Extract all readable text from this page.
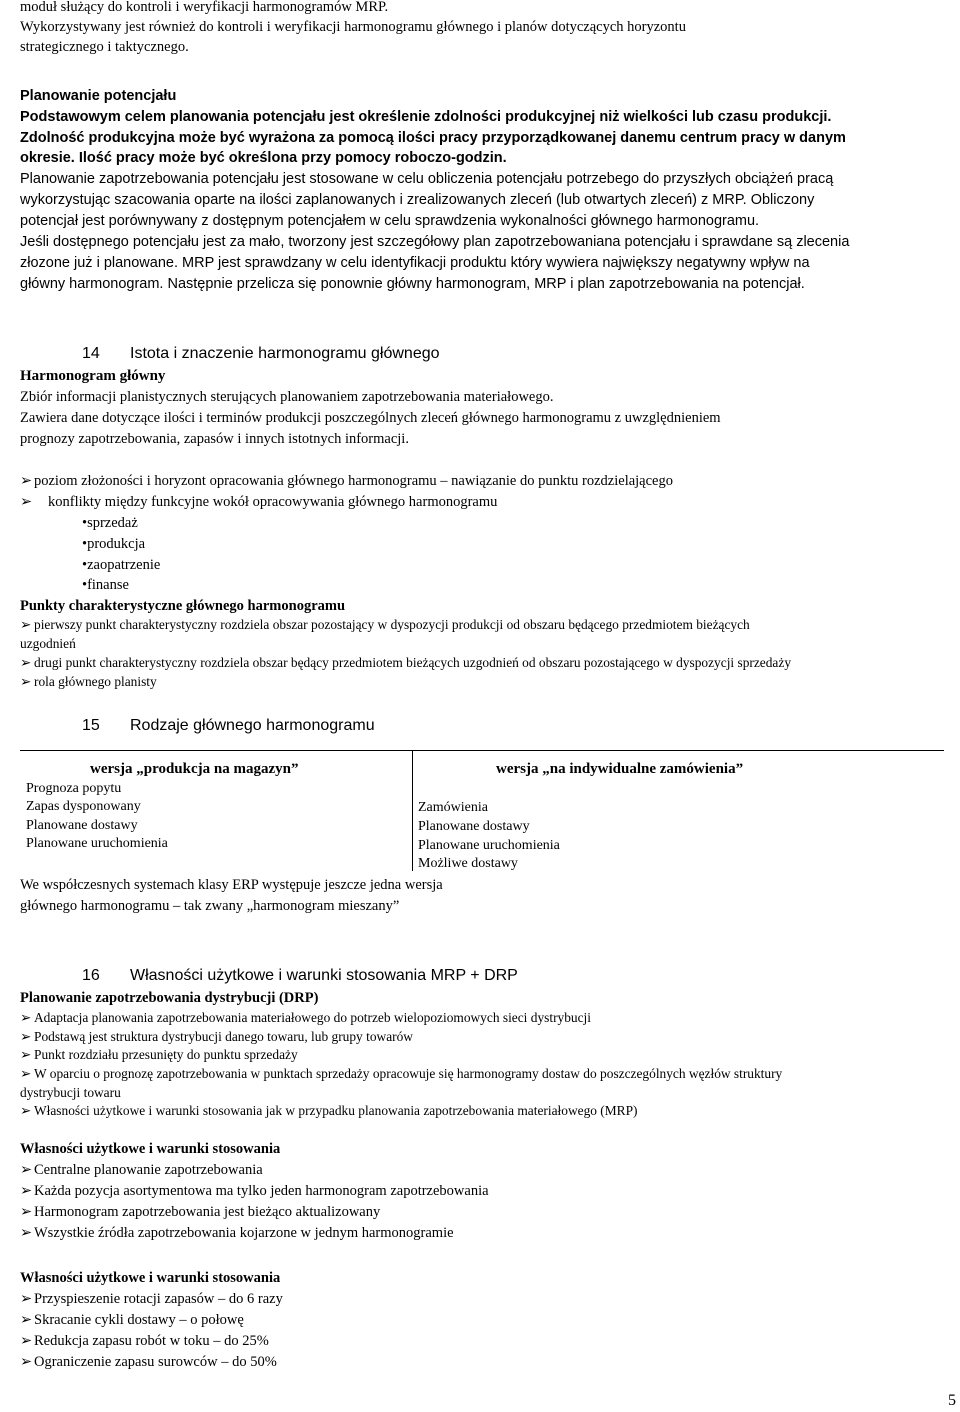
moduł służący do kontroli i weryfikacji harmonogramów MRP.
Wykorzystywany jest również do kontroli i weryfikacji harmonogramu głównego i planów dotyczących horyzontu
strategicznego i taktycznego.
Planowanie potencjału
Podstawowym celem planowania potencjału jest określenie zdolności produkcyjnej niż wielkości lub czasu produkcji.
Zdolność produkcyjna może być wyrażona za pomocą ilości pracy przyporządkowanej danemu centrum pracy w danym
okresie. Ilość pracy może być określona przy pomocy roboczo-godzin.
Planowanie zapotrzebowania potencjału jest stosowane w celu obliczenia potencjału potrzebego do przyszłych obciążeń pracą
wykorzystując szacowania oparte na ilości zaplanowanych i zrealizowanych zleceń (lub otwartych zleceń) z MRP. Obliczony
potencjał jest porównywany z dostępnym potencjałem w celu sprawdzenia wykonalności głównego harmonogramu.
Jeśli dostępnego potencjału jest za mało, tworzony jest szczegółowy plan zapotrzebowaniana potencjału i sprawdane są zlecenia
złozone już i planowane. MRP jest sprawdzany w celu identyfikacji produktu który wywiera największy negatywny wpływ na
główny harmonogram. Następnie przelicza się ponownie główny harmonogram, MRP i plan zapotrzebowania na potencjał.
14 Istota i znaczenie harmonogramu głównego
Harmonogram główny
Zbiór informacji planistycznych sterujących planowaniem zapotrzebowania materiałowego.
Zawiera dane dotyczące ilości i terminów produkcji poszczególnych zleceń głównego harmonogramu z uwzględnieniem
prognozy zapotrzebowania, zapasów i innych istotnych informacji.
➢ poziom złożoności i horyzont opracowania głównego harmonogramu – nawiązanie do punktu rozdzielającego
➢ konflikty między funkcyjne wokół opracowywania głównego harmonogramu
•sprzedaż
•produkcja
•zaopatrzenie
•finanse
Punkty charakterystyczne głównego harmonogramu
➢ pierwszy punkt charakterystyczny rozdziela obszar pozostający w dyspozycji produkcji od obszaru będącego przedmiotem bieżących
uzgodnień
➢ drugi punkt charakterystyczny rozdziela obszar będący przedmiotem bieżących uzgodnień od obszaru pozostającego w dyspozycji sprzedaży
➢ rola głównego planisty
15 Rodzaje głównego harmonogramu
wersja „produkcja na magazyn”
Prognoza popytu
Zapas dysponowany
Planowane dostawy
Planowane uruchomienia
wersja „na indywidualne zamówienia”
Zamówienia
Planowane dostawy
Planowane uruchomienia
Możliwe dostawy
We współczesnych systemach klasy ERP występuje jeszcze jedna wersja
głównego harmonogramu – tak zwany „harmonogram mieszany”
16 Własności użytkowe i warunki stosowania MRP + DRP
Planowanie zapotrzebowania dystrybucji (DRP)
➢ Adaptacja planowania zapotrzebowania materiałowego do potrzeb wielopoziomowych sieci dystrybucji
➢ Podstawą jest struktura dystrybucji danego towaru, lub grupy towarów
➢ Punkt rozdziału przesunięty do punktu sprzedaży
➢ W oparciu o prognozę zapotrzebowania w punktach sprzedaży opracowuje się harmonogramy dostaw do poszczególnych węzłów struktury
dystrybucji towaru
➢ Własności użytkowe i warunki stosowania jak w przypadku planowania zapotrzebowania materiałowego (MRP)
Własności użytkowe i warunki stosowania
➢ Centralne planowanie zapotrzebowania
➢ Każda pozycja asortymentowa ma tylko jeden harmonogram zapotrzebowania
➢ Harmonogram zapotrzebowania jest bieżąco aktualizowany
➢ Wszystkie źródła zapotrzebowania kojarzone w jednym harmonogramie
Własności użytkowe i warunki stosowania
➢ Przyspieszenie rotacji zapasów – do 6 razy
➢ Skracanie cykli dostawy – o połowę
➢ Redukcja zapasu robót w toku – do 25%
➢ Ograniczenie zapasu surowców – do 50%
5
